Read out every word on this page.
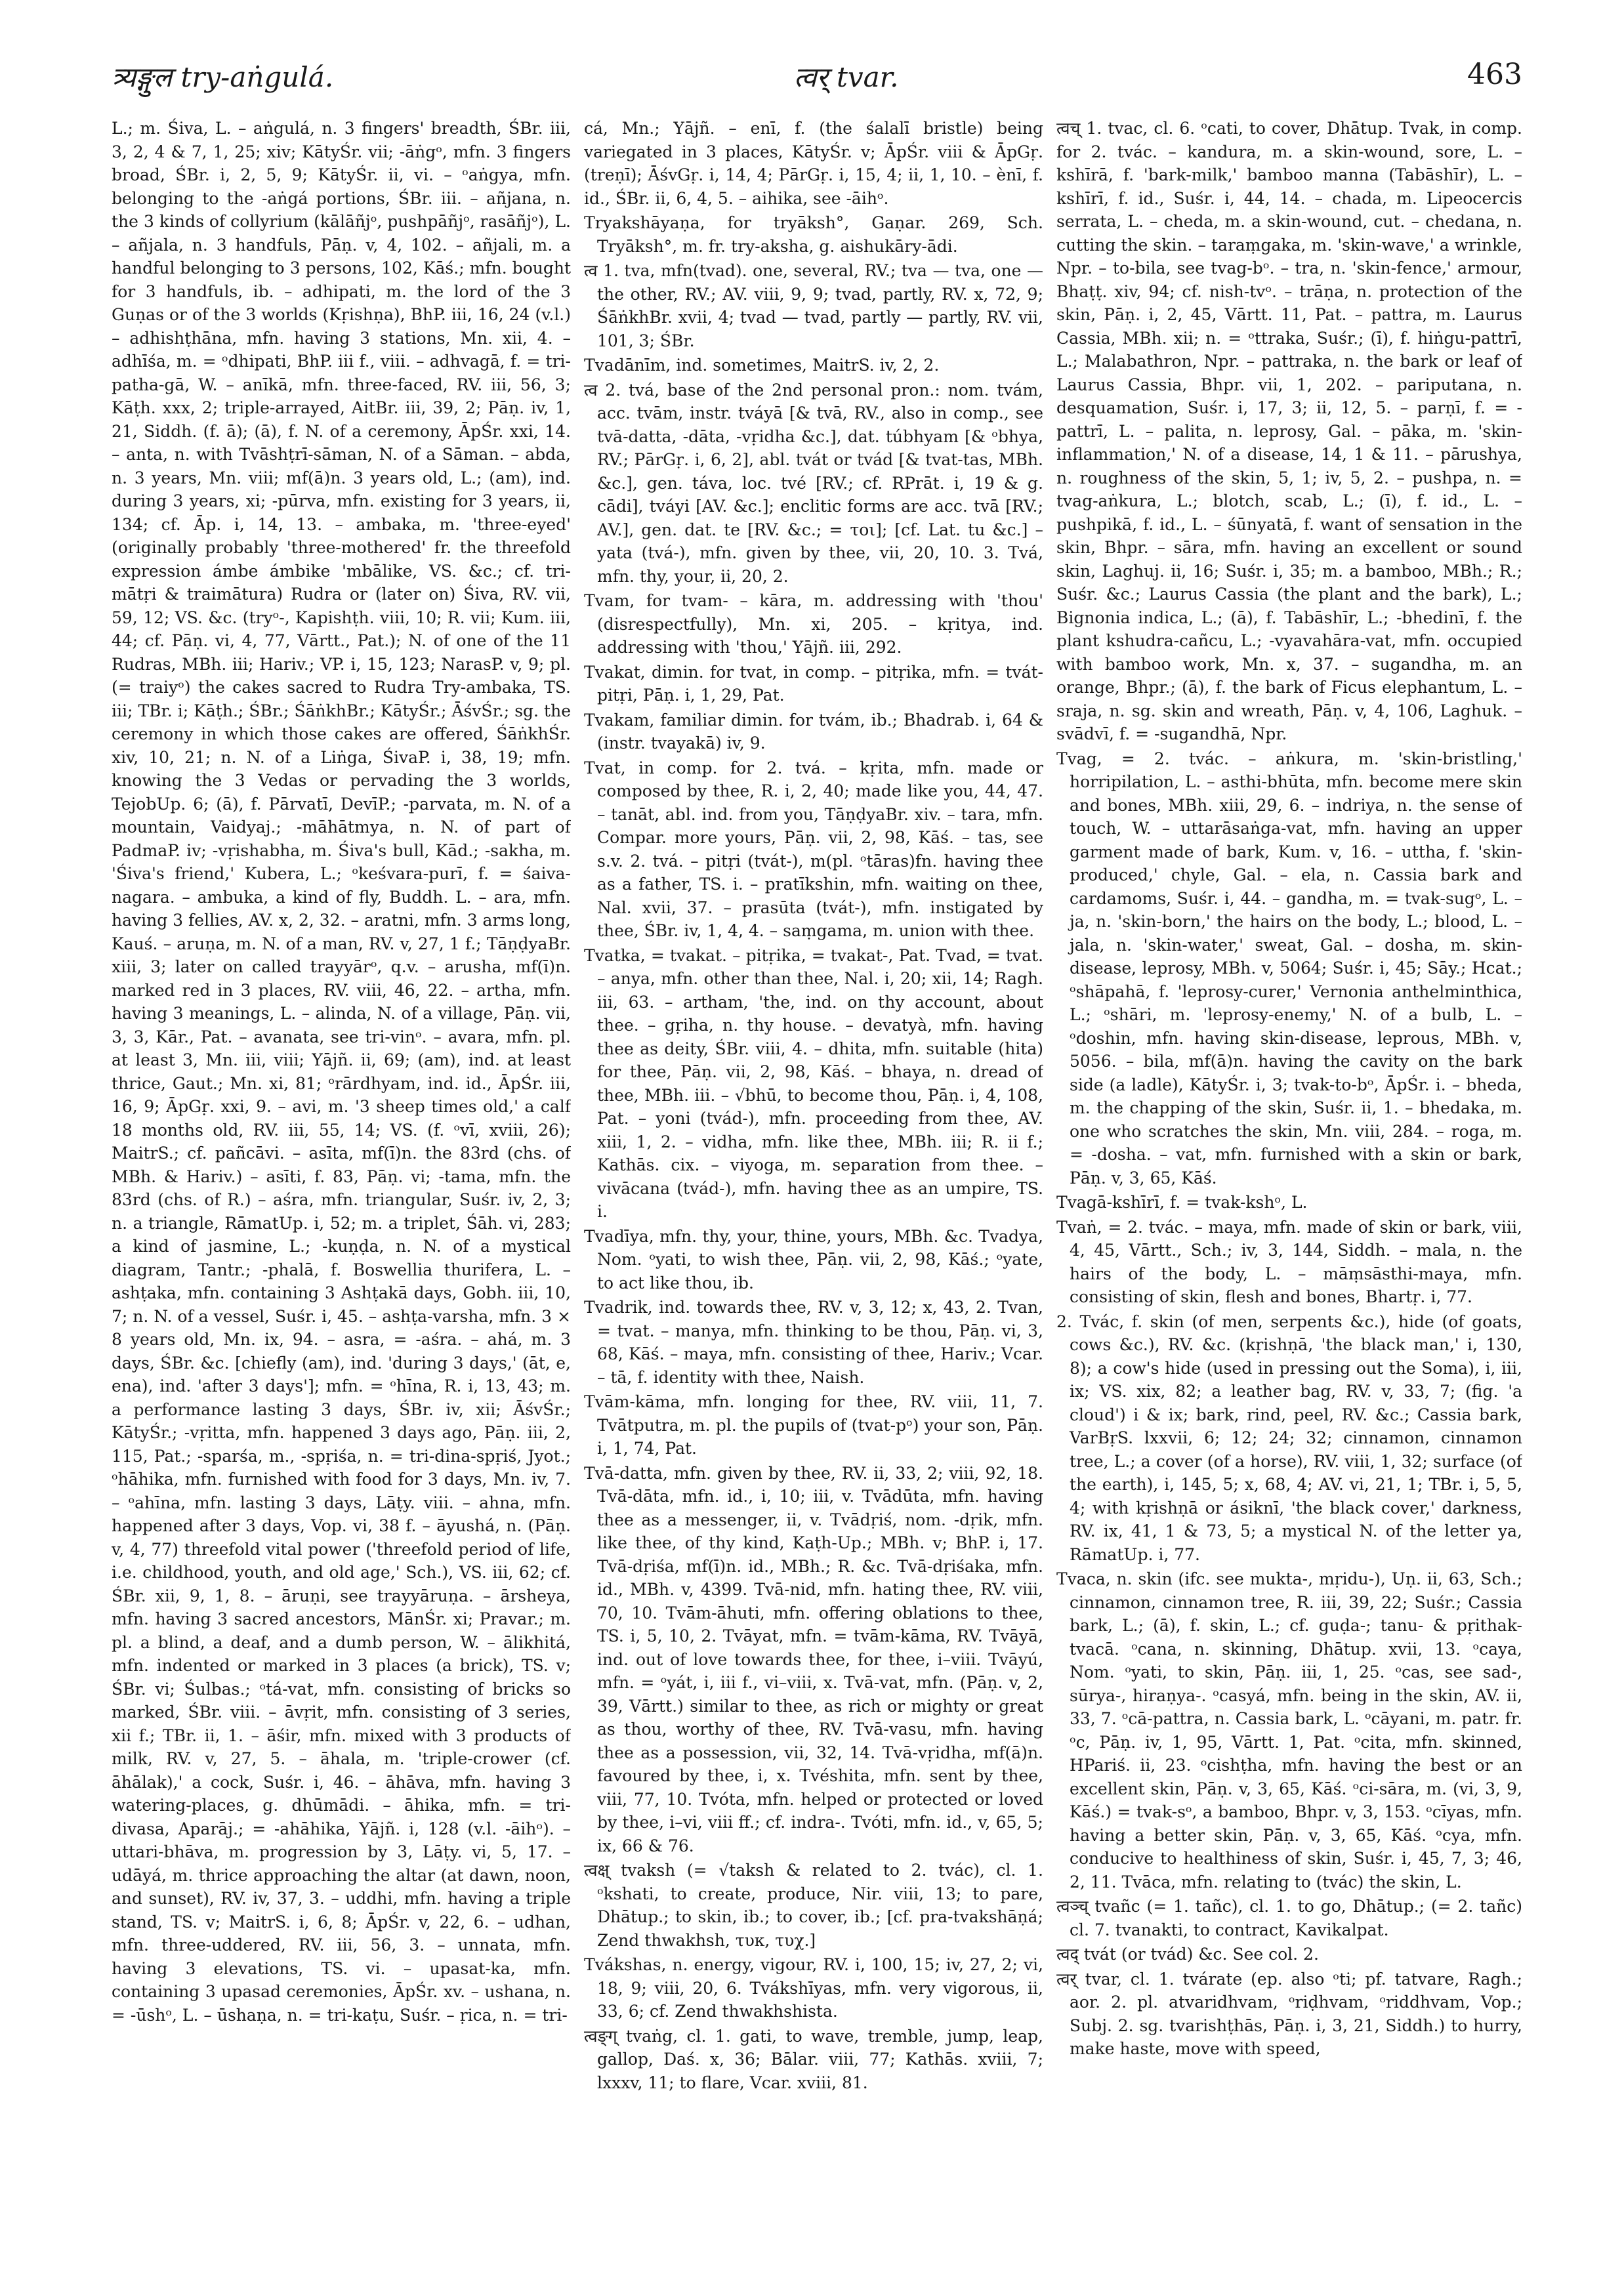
त्र्यङ्गुल try-aṅgulá.	त्वर् tvar.	463

L.; m. Śiva, L. – aṅgulá, n. 3 fingers' breadth, ŚBr. iii, 3, 2, 4 & 7, 1, 25; xiv; KātyŚr. vii; -āṅgᵒ, mfn. 3 fingers broad, ŚBr. i, 2, 5, 9; KātyŚr. ii, vi. – ᵒaṅgya, mfn. belonging to the -aṅgá portions, ŚBr. iii. – añjana, n. the 3 kinds of collyrium (kālāñjᵒ, pushpāñjᵒ, rasāñjᵒ), L. – añjala, n. 3 handfuls, Pāṇ. v, 4, 102. – añjali, m. a handful belonging to 3 persons, 102, Kāś.; mfn. bought for 3 handfuls, ib. – adhipati, m. the lord of the 3 Guṇas or of the 3 worlds (Kṛishṇa), BhP. iii, 16, 24 (v.l.) – adhishṭhāna, mfn. having 3 stations, Mn. xii, 4. – adhīśa, m. = ᵒdhipati, BhP. iii f., viii. – adhvagā, f. = tri-patha-gā, W. – anīkā, mfn. three-faced, RV. iii, 56, 3; Kāṭh. xxx, 2; triple-arrayed, AitBr. iii, 39, 2; Pāṇ. iv, 1, 21, Siddh. (f. ā); (ā), f. N. of a ceremony, ĀpŚr. xxi, 14. – anta, n. with Tvāshṭrī-sāman, N. of a Sāman. – abda, n. 3 years, Mn. viii; mf(ā)n. 3 years old, L.; (am), ind. during 3 years, xi; -pūrva, mfn. existing for 3 years, ii, 134; cf. Āp. i, 14, 13. – ambaka, m. 'three-eyed' (originally probably 'three-mothered' fr. the threefold expression ámbe ámbike 'mbālike, VS. &c.; cf. tri-mātṛi & traimātura) Rudra or (later on) Śiva, RV. vii, 59, 12; VS. &c. (tryᵒ-, Kapishṭh. viii, 10; R. vii; Kum. iii, 44; cf. Pāṇ. vi, 4, 77, Vārtt., Pat.); N. of one of the 11 Rudras, MBh. iii; Hariv.; VP. i, 15, 123; NarasP. v, 9; pl. (= traiyᵒ) the cakes sacred to Rudra Try-ambaka, TS. iii; TBr. i; Kāṭh.; ŚBr.; ŚāṅkhBr.; KātyŚr.; ĀśvŚr.; sg. the ceremony in which those cakes are offered, ŚāṅkhŚr. xiv, 10, 21; n. N. of a Liṅga, ŚivaP. i, 38, 19; mfn. knowing the 3 Vedas or pervading the 3 worlds, TejobUp. 6; (ā), f. Pārvatī, DevīP.; -parvata, m. N. of a mountain, Vaidyaj.; -māhātmya, n. N. of part of PadmaP. iv; -vṛishabha, m. Śiva's bull, Kād.; -sakha, m. 'Śiva's friend,' Kubera, L.; ᵒkeśvara-purī, f. = śaiva-nagara. – ambuka, a kind of fly, Buddh. L. – ara, mfn. having 3 fellies, AV. x, 2, 32. – aratni, mfn. 3 arms long, Kauś. – aruṇa, m. N. of a man, RV. v, 27, 1 f.; TāṇḍyaBr. xiii, 3; later on called trayyārᵒ, q.v. – arusha, mf(ī)n. marked red in 3 places, RV. viii, 46, 22. – artha, mfn. having 3 meanings, L. – alinda, N. of a village, Pāṇ. vii, 3, 3, Kār., Pat. – avanata, see tri-vinᵒ. – avara, mfn. pl. at least 3, Mn. iii, viii; Yājñ. ii, 69; (am), ind. at least thrice, Gaut.; Mn. xi, 81; ᵒrārdhyam, ind. id., ĀpŚr. iii, 16, 9; ĀpGṛ. xxi, 9. – avi, m. '3 sheep times old,' a calf 18 months old, RV. iii, 55, 14; VS. (f. ᵒvī, xviii, 26); MaitrS.; cf. pañcāvi. – asīta, mf(ī)n. the 83rd (chs. of MBh. & Hariv.) – asīti, f. 83, Pāṇ. vi; -tama, mfn. the 83rd (chs. of R.) – aśra, mfn. triangular, Suśr. iv, 2, 3; n. a triangle, RāmatUp. i, 52; m. a triplet, Śāh. vi, 283; a kind of jasmine, L.; -kuṇḍa, n. N. of a mystical diagram, Tantr.; -phalā, f. Boswellia thurifera, L. – ashṭaka, mfn. containing 3 Ashṭakā days, Gobh. iii, 10, 7; n. N. of a vessel, Suśr. i, 45. – ashṭa-varsha, mfn. 3 × 8 years old, Mn. ix, 94. – asra, = -aśra. – ahá, m. 3 days, ŚBr. &c. [chiefly (am), ind. 'during 3 days,' (āt, e, ena), ind. 'after 3 days']; mfn. = ᵒhīna, R. i, 13, 43; m. a performance lasting 3 days, ŚBr. iv, xii; ĀśvŚr.; KātyŚr.; -vṛitta, mfn. happened 3 days ago, Pāṇ. iii, 2, 115, Pat.; -sparśa, m., -spṛiśa, n. = tri-dina-spṛiś, Jyot.; ᵒhāhika, mfn. furnished with food for 3 days, Mn. iv, 7. – ᵒahīna, mfn. lasting 3 days, Lāṭy. viii. – ahna, mfn. happened after 3 days, Vop. vi, 38 f. – āyushá, n. (Pāṇ. v, 4, 77) threefold vital power ('threefold period of life, i.e. childhood, youth, and old age,' Sch.), VS. iii, 62; cf. ŚBr. xii, 9, 1, 8. – āruṇi, see trayyāruṇa. – ārsheya, mfn. having 3 sacred ancestors, MānŚr. xi; Pravar.; m. pl. a blind, a deaf, and a dumb person, W. – ālikhitá, mfn. indented or marked in 3 places (a brick), TS. v; ŚBr. vi; Śulbas.; ᵒtá-vat, mfn. consisting of bricks so marked, ŚBr. viii. – āvṛit, mfn. consisting of 3 series, xii f.; TBr. ii, 1. – āśir, mfn. mixed with 3 products of milk, RV. v, 27, 5. – āhala, m. 'triple-crower (cf. āhālak),' a cock, Suśr. i, 46. – āhāva, mfn. having 3 watering-places, g. dhūmādi. – āhika, mfn. = tri-divasa, Aparāj.; = -ahāhika, Yājñ. i, 128 (v.l. -āihᵒ). – uttari-bhāva, m. progression by 3, Lāṭy. vi, 5, 17. – udāyá, m. thrice approaching the altar (at dawn, noon, and sunset), RV. iv, 37, 3. – uddhi, mfn. having a triple stand, TS. v; MaitrS. i, 6, 8; ĀpŚr. v, 22, 6. – udhan, mfn. three-uddered, RV. iii, 56, 3. – unnata, mfn. having 3 elevations, TS. vi. – upasat-ka, mfn. containing 3 upasad ceremonies, ĀpŚr. xv. – ushana, n. = -ūshᵒ, L. – ūshaṇa, n. = tri-kaṭu, Suśr. – ṛica, n. = tri-

cá, Mn.; Yājñ. – enī, f. (the śalalī bristle) being variegated in 3 places, KātyŚr. v; ĀpŚr. viii & ĀpGṛ. (treṇī); ĀśvGṛ. i, 14, 4; PārGṛ. i, 15, 4; ii, 1, 10. – ènī, f. id., ŚBr. ii, 6, 4, 5. – aihika, see -āihᵒ.

Tryakshāyaṇa, for tryāksh°, Gaṇar. 269, Sch. Tryāksh°, m. fr. try-aksha, g. aishukāry-ādi.

त्व 1. tva, mfn(tvad). one, several, RV.; tva — tva, one — the other, RV.; AV. viii, 9, 9; tvad, partly, RV. x, 72, 9; ŚāṅkhBr. xvii, 4; tvad — tvad, partly — partly, RV. vii, 101, 3; ŚBr.

Tvadānīm, ind. sometimes, MaitrS. iv, 2, 2.

त्व 2. tvá, base of the 2nd personal pron.: nom. tvám, acc. tvām, instr. tváyā [& tvā, RV., also in comp., see tvā-datta, -dāta, -vṛidha &c.], dat. túbhyam [& ᵒbhya, RV.; PārGṛ. i, 6, 2], abl. tvát or tvád [& tvat-tas, MBh. &c.], gen. táva, loc. tvé [RV.; cf. RPrāt. i, 19 & g. cādi], tváyi [AV. &c.]; enclitic forms are acc. tvā [RV.; AV.], gen. dat. te [RV. &c.; = τοι]; [cf. Lat. tu &c.] – yata (tvá-), mfn. given by thee, vii, 20, 10. 3. Tvá, mfn. thy, your, ii, 20, 2.

Tvam, for tvam- – kāra, m. addressing with 'thou' (disrespectfully), Mn. xi, 205. – kṛitya, ind. addressing with 'thou,' Yājñ. iii, 292.

Tvakat, dimin. for tvat, in comp. – pitṛika, mfn. = tvát-pitṛi, Pāṇ. i, 1, 29, Pat.

Tvakam, familiar dimin. for tvám, ib.; Bhadrab. i, 64 & (instr. tvayakā) iv, 9.

Tvat, in comp. for 2. tvá. – kṛita, mfn. made or composed by thee, R. i, 2, 40; made like you, 44, 47. – tanāt, abl. ind. from you, TāṇḍyaBr. xiv. – tara, mfn. Compar. more yours, Pāṇ. vii, 2, 98, Kāś. – tas, see s.v. 2. tvá. – pitṛi (tvát-), m(pl. ᵒtāras)fn. having thee as a father, TS. i. – pratīkshin, mfn. waiting on thee, Nal. xvii, 37. – prasūta (tvát-), mfn. instigated by thee, ŚBr. iv, 1, 4, 4. – saṃgama, m. union with thee.

Tvatka, = tvakat. – pitṛika, = tvakat-, Pat. Tvad, = tvat. – anya, mfn. other than thee, Nal. i, 20; xii, 14; Ragh. iii, 63. – artham, 'the, ind. on thy account, about thee. – gṛiha, n. thy house. – devatyà, mfn. having thee as deity, ŚBr. viii, 4. – dhita, mfn. suitable (hita) for thee, Pāṇ. vii, 2, 98, Kāś. – bhaya, n. dread of thee, MBh. iii. – √bhū, to become thou, Pāṇ. i, 4, 108, Pat. – yoni (tvád-), mfn. proceeding from thee, AV. xiii, 1, 2. – vidha, mfn. like thee, MBh. iii; R. ii f.; Kathās. cix. – viyoga, m. separation from thee. – vivācana (tvád-), mfn. having thee as an umpire, TS. i.

Tvadīya, mfn. thy, your, thine, yours, MBh. &c. Tvadya, Nom. ᵒyati, to wish thee, Pāṇ. vii, 2, 98, Kāś.; ᵒyate, to act like thou, ib.

Tvadrik, ind. towards thee, RV. v, 3, 12; x, 43, 2. Tvan, = tvat. – manya, mfn. thinking to be thou, Pāṇ. vi, 3, 68, Kāś. – maya, mfn. consisting of thee, Hariv.; Vcar. – tā, f. identity with thee, Naish.

Tvām-kāma, mfn. longing for thee, RV. viii, 11, 7. Tvātputra, m. pl. the pupils of (tvat-pᵒ) your son, Pāṇ. i, 1, 74, Pat.

Tvā-datta, mfn. given by thee, RV. ii, 33, 2; viii, 92, 18. Tvā-dāta, mfn. id., i, 10; iii, v. Tvādūta, mfn. having thee as a messenger, ii, v. Tvādṛiś, nom. -dṛik, mfn. like thee, of thy kind, Kaṭh-Up.; MBh. v; BhP. i, 17. Tvā-dṛiśa, mf(ī)n. id., MBh.; R. &c. Tvā-dṛiśaka, mfn. id., MBh. v, 4399. Tvā-nid, mfn. hating thee, RV. viii, 70, 10. Tvām-āhuti, mfn. offering oblations to thee, TS. i, 5, 10, 2. Tvāyat, mfn. = tvām-kāma, RV. Tvāyā, ind. out of love towards thee, for thee, i–viii. Tvāyú, mfn. = ᵒyát, i, iii f., vi–viii, x. Tvā-vat, mfn. (Pāṇ. v, 2, 39, Vārtt.) similar to thee, as rich or mighty or great as thou, worthy of thee, RV. Tvā-vasu, mfn. having thee as a possession, vii, 32, 14. Tvā-vṛidha, mf(ā)n. favoured by thee, i, x. Tvéshita, mfn. sent by thee, viii, 77, 10. Tvóta, mfn. helped or protected or loved by thee, i–vi, viii ff.; cf. indra-. Tvóti, mfn. id., v, 65, 5; ix, 66 & 76.

त्वक्ष् tvaksh (= √taksh & related to 2. tvác), cl. 1. ᵒkshati, to create, produce, Nir. viii, 13; to pare, Dhātup.; to skin, ib.; to cover, ib.; [cf. pra-tvakshāṇá; Zend thwakhsh, τυκ, τυχ.]

Tvákshas, n. energy, vigour, RV. i, 100, 15; iv, 27, 2; vi, 18, 9; viii, 20, 6. Tvákshīyas, mfn. very vigorous, ii, 33, 6; cf. Zend thwakhshista.

त्वङ्ग् tvaṅg, cl. 1. gati, to wave, tremble, jump, leap, gallop, Daś. x, 36; Bālar. viii, 77; Kathās. xviii, 7; lxxxv, 11; to flare, Vcar. xviii, 81.

त्वच् 1. tvac, cl. 6. ᵒcati, to cover, Dhātup. Tvak, in comp. for 2. tvác. – kandura, m. a skin-wound, sore, L. – kshīrā, f. 'bark-milk,' bamboo manna (Tabāshīr), L. – kshīrī, f. id., Suśr. i, 44, 14. – chada, m. Lipeocercis serrata, L. – cheda, m. a skin-wound, cut. – chedana, n. cutting the skin. – taraṃgaka, m. 'skin-wave,' a wrinkle, Npr. – to-bila, see tvag-bᵒ. – tra, n. 'skin-fence,' armour, Bhaṭṭ. xiv, 94; cf. nish-tvᵒ. – trāṇa, n. protection of the skin, Pāṇ. i, 2, 45, Vārtt. 11, Pat. – pattra, m. Laurus Cassia, MBh. xii; n. = ᵒttraka, Suśr.; (ī), f. hiṅgu-pattrī, L.; Malabathron, Npr. – pattraka, n. the bark or leaf of Laurus Cassia, Bhpr. vii, 1, 202. – pariputana, n. desquamation, Suśr. i, 17, 3; ii, 12, 5. – parṇī, f. = -pattrī, L. – palita, n. leprosy, Gal. – pāka, m. 'skin-inflammation,' N. of a disease, 14, 1 & 11. – pārushya, n. roughness of the skin, 5, 1; iv, 5, 2. – pushpa, n. = tvag-aṅkura, L.; blotch, scab, L.; (ī), f. id., L. – pushpikā, f. id., L. – śūnyatā, f. want of sensation in the skin, Bhpr. – sāra, mfn. having an excellent or sound skin, Laghuj. ii, 16; Suśr. i, 35; m. a bamboo, MBh.; R.; Suśr. &c.; Laurus Cassia (the plant and the bark), L.; Bignonia indica, L.; (ā), f. Tabāshīr, L.; -bhedinī, f. the plant kshudra-cañcu, L.; -vyavahāra-vat, mfn. occupied with bamboo work, Mn. x, 37. – sugandha, m. an orange, Bhpr.; (ā), f. the bark of Ficus elephantum, L. – sraja, n. sg. skin and wreath, Pāṇ. v, 4, 106, Laghuk. – svādvī, f. = -sugandhā, Npr.

Tvag, = 2. tvác. – aṅkura, m. 'skin-bristling,' horripilation, L. – asthi-bhūta, mfn. become mere skin and bones, MBh. xiii, 29, 6. – indriya, n. the sense of touch, W. – uttarāsaṅga-vat, mfn. having an upper garment made of bark, Kum. v, 16. – uttha, f. 'skin-produced,' chyle, Gal. – ela, n. Cassia bark and cardamoms, Suśr. i, 44. – gandha, m. = tvak-sugᵒ, L. – ja, n. 'skin-born,' the hairs on the body, L.; blood, L. – jala, n. 'skin-water,' sweat, Gal. – dosha, m. skin-disease, leprosy, MBh. v, 5064; Suśr. i, 45; Sāy.; Hcat.; ᵒshāpahā, f. 'leprosy-curer,' Vernonia anthelminthica, L.; ᵒshāri, m. 'leprosy-enemy,' N. of a bulb, L. – ᵒdoshin, mfn. having skin-disease, leprous, MBh. v, 5056. – bila, mf(ā)n. having the cavity on the bark side (a ladle), KātyŚr. i, 3; tvak-to-bᵒ, ĀpŚr. i. – bheda, m. the chapping of the skin, Suśr. ii, 1. – bhedaka, m. one who scratches the skin, Mn. viii, 284. – roga, m. = -dosha. – vat, mfn. furnished with a skin or bark, Pāṇ. v, 3, 65, Kāś.

Tvagā-kshīrī, f. = tvak-kshᵒ, L.

Tvaṅ, = 2. tvác. – maya, mfn. made of skin or bark, viii, 4, 45, Vārtt., Sch.; iv, 3, 144, Siddh. – mala, n. the hairs of the body, L. – māṃsāsthi-maya, mfn. consisting of skin, flesh and bones, Bhartṛ. i, 77.

2. Tvác, f. skin (of men, serpents &c.), hide (of goats, cows &c.), RV. &c. (kṛishṇā, 'the black man,' i, 130, 8); a cow's hide (used in pressing out the Soma), i, iii, ix; VS. xix, 82; a leather bag, RV. v, 33, 7; (fig. 'a cloud') i & ix; bark, rind, peel, RV. &c.; Cassia bark, VarBṛS. lxxvii, 6; 12; 24; 32; cinnamon, cinnamon tree, L.; a cover (of a horse), RV. viii, 1, 32; surface (of the earth), i, 145, 5; x, 68, 4; AV. vi, 21, 1; TBr. i, 5, 5, 4; with kṛishṇā or ásiknī, 'the black cover,' darkness, RV. ix, 41, 1 & 73, 5; a mystical N. of the letter ya, RāmatUp. i, 77.

Tvaca, n. skin (ifc. see mukta-, mṛidu-), Uṇ. ii, 63, Sch.; cinnamon, cinnamon tree, R. iii, 39, 22; Suśr.; Cassia bark, L.; (ā), f. skin, L.; cf. guḍa-; tanu- & pṛithak-tvacā. ᵒcana, n. skinning, Dhātup. xvii, 13. ᵒcaya, Nom. ᵒyati, to skin, Pāṇ. iii, 1, 25. ᵒcas, see sad-, sūrya-, hiraṇya-. ᵒcasyá, mfn. being in the skin, AV. ii, 33, 7. ᵒcā-pattra, n. Cassia bark, L. ᵒcāyani, m. patr. fr. ᵒc, Pāṇ. iv, 1, 95, Vārtt. 1, Pat. ᵒcita, mfn. skinned, HPariś. ii, 23. ᵒcishṭha, mfn. having the best or an excellent skin, Pāṇ. v, 3, 65, Kāś. ᵒci-sāra, m. (vi, 3, 9, Kāś.) = tvak-sᵒ, a bamboo, Bhpr. v, 3, 153. ᵒcīyas, mfn. having a better skin, Pāṇ. v, 3, 65, Kāś. ᵒcya, mfn. conducive to healthiness of skin, Suśr. i, 45, 7, 3; 46, 2, 11. Tvāca, mfn. relating to (tvác) the skin, L.

त्वञ्च् tvañc (= 1. tañc), cl. 1. to go, Dhātup.; (= 2. tañc) cl. 7. tvanakti, to contract, Kavikalpat.

त्वद् tvát (or tvád) &c. See col. 2.

त्वर् tvar, cl. 1. tvárate (ep. also ᵒti; pf. tatvare, Ragh.; aor. 2. pl. atvaridhvam, ᵒriḍhvam, ᵒriddhvam, Vop.; Subj. 2. sg. tvarishṭhās, Pāṇ. i, 3, 21, Siddh.) to hurry, make haste, move with speed,
